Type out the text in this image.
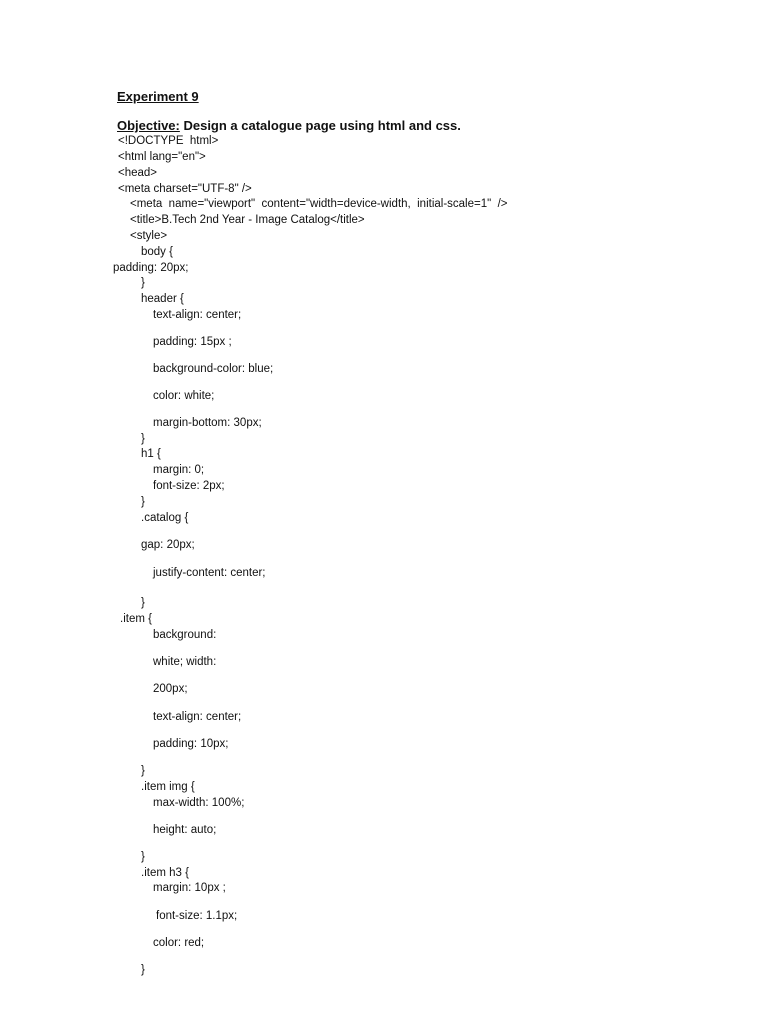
Experiment 9
Objective: Design a catalogue page using html and css.
<!DOCTYPE  html>
<html lang="en">
<head>
<meta charset="UTF-8" />
<meta  name="viewport"  content="width=device-width,  initial-scale=1"  />
<title>B.Tech 2nd Year - Image Catalog</title>
<style>
body {
padding: 20px;
}
header {
text-align: center;
padding: 15px ;
background-color: blue;
color: white;
margin-bottom: 30px;
}
h1 {
margin: 0;
font-size: 2px;
}
.catalog {
gap: 20px;
justify-content: center;
}
.item {
background:
white; width:
200px;
text-align: center;
padding: 10px;
}
.item img {
max-width: 100%;
height: auto;
}
.item h3 {
margin: 10px ;
font-size: 1.1px;
color: red;
}
